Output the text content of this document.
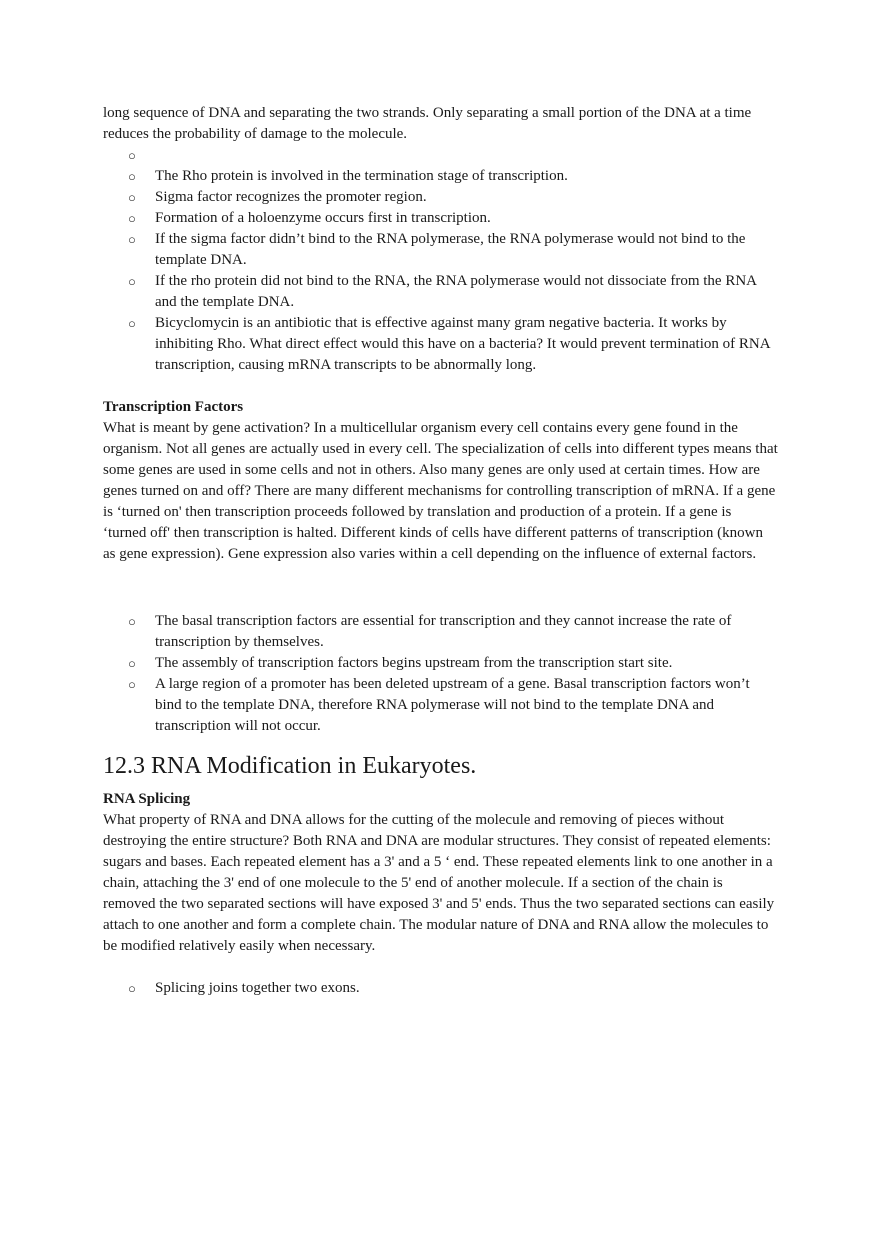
long sequence of DNA and separating the two strands. Only separating a small portion of the DNA at a time reduces the probability of damage to the molecule.

○
○ The Rho protein is involved in the termination stage of transcription.
○ Sigma factor recognizes the promoter region.
○ Formation of a holoenzyme occurs first in transcription.
○ If the sigma factor didn’t bind to the RNA polymerase, the RNA polymerase would not bind to the template DNA.
○ If the rho protein did not bind to the RNA, the RNA polymerase would not dissociate from the RNA and the template DNA.
○ Bicyclomycin is an antibiotic that is effective against many gram negative bacteria. It works by inhibiting Rho. What direct effect would this have on a bacteria? It would prevent termination of RNA transcription, causing mRNA transcripts to be abnormally long.

Transcription Factors

What is meant by gene activation? In a multicellular organism every cell contains every gene found in the organism. Not all genes are actually used in every cell. The specialization of cells into different types means that some genes are used in some cells and not in others. Also many genes are only used at certain times. How are genes turned on and off? There are many different mechanisms for controlling transcription of mRNA. If a gene is ‘turned on' then transcription proceeds followed by translation and production of a protein. If a gene is ‘turned off' then transcription is halted. Different kinds of cells have different patterns of transcription (known as gene expression). Gene expression also varies within a cell depending on the influence of external factors.

○ The basal transcription factors are essential for transcription and they cannot increase the rate of transcription by themselves.
○ The assembly of transcription factors begins upstream from the transcription start site.
○ A large region of a promoter has been deleted upstream of a gene. Basal transcription factors won’t bind to the template DNA, therefore RNA polymerase will not bind to the template DNA and transcription will not occur.
12.3 RNA Modification in Eukaryotes.

RNA Splicing

What property of RNA and DNA allows for the cutting of the molecule and removing of pieces without destroying the entire structure? Both RNA and DNA are modular structures. They consist of repeated elements: sugars and bases. Each repeated element has a 3' and a 5 ‘ end. These repeated elements link to one another in a chain, attaching the 3' end of one molecule to the 5' end of another molecule. If a section of the chain is removed the two separated sections will have exposed 3' and 5' ends. Thus the two separated sections can easily attach to one another and form a complete chain. The modular nature of DNA and RNA allow the molecules to be modified relatively easily when necessary.

○ Splicing joins together two exons.
